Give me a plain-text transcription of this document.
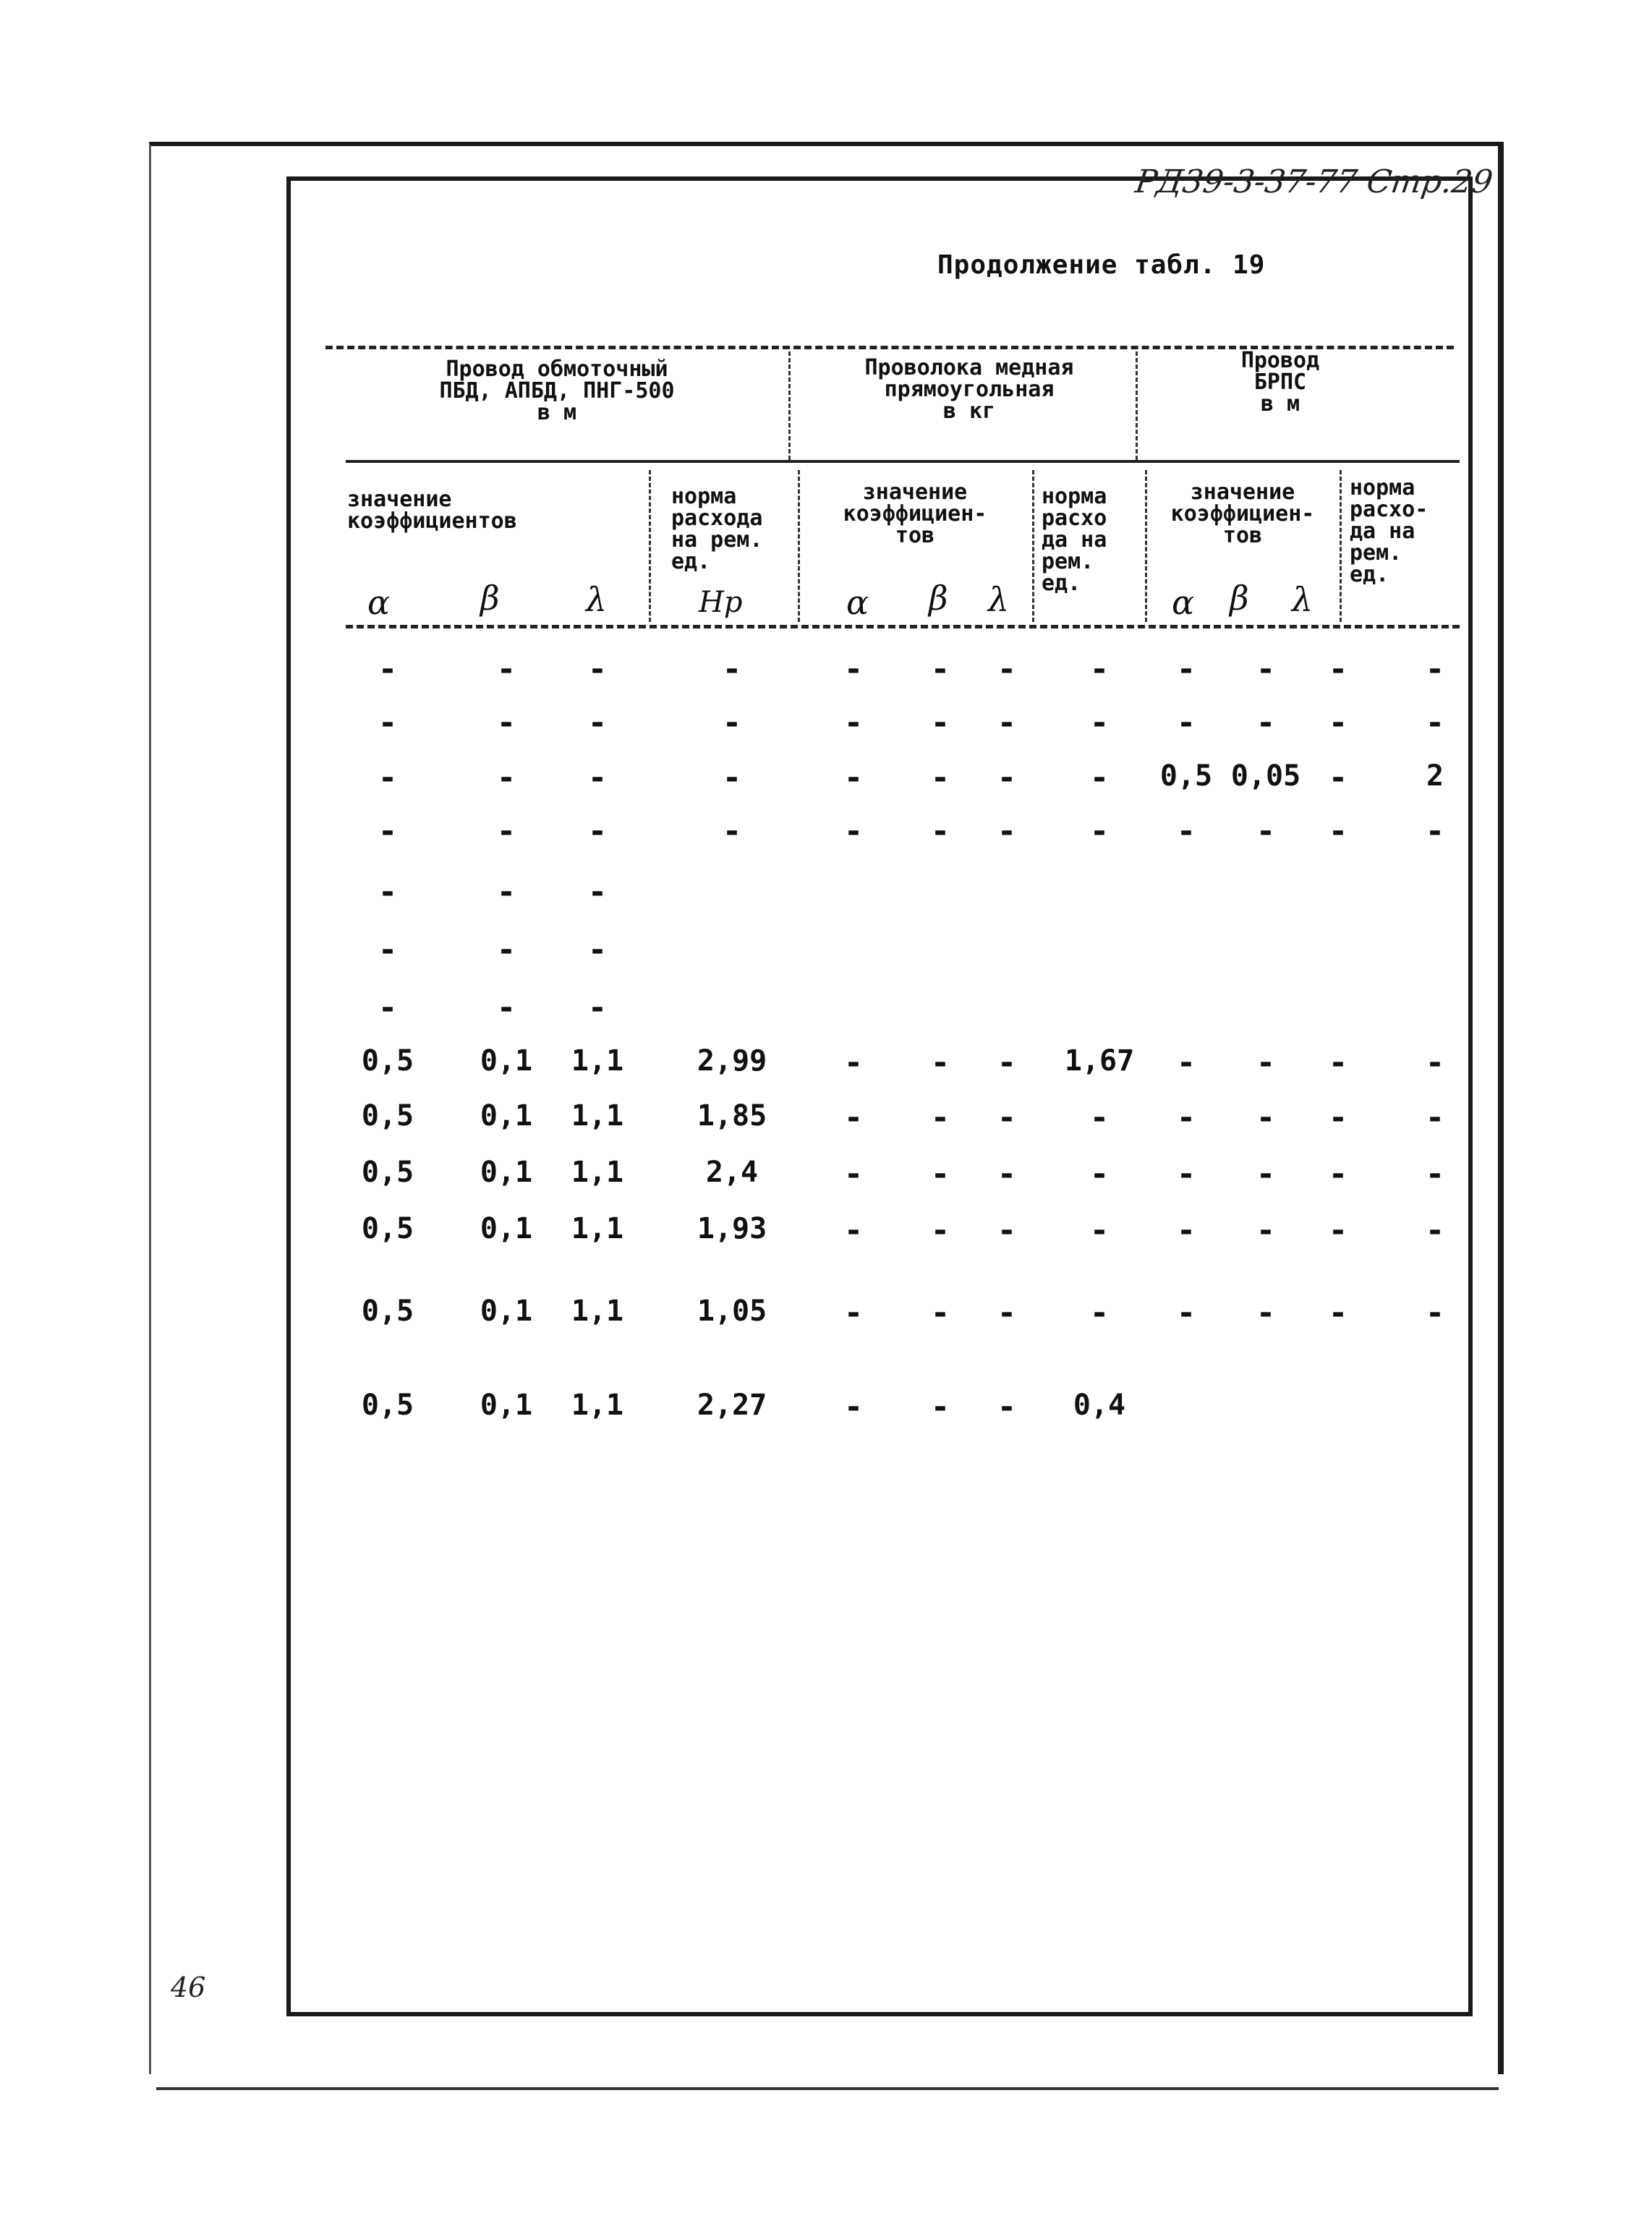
РД39-3-37-77 Стр.29
Продолжение табл. 19
46
Провод обмоточный
ПБД, АПБД, ПНГ-500
в м
Проволока медная
прямоугольная
в кг
Провод
БРПС
в м
значение
коэффициентов
норма
расхода
на рем.
ед.
значение
коэффициен-
тов
норма
расхо
да на
рем.
ед.
значение
коэффициен-
тов
норма
расхо-
да на
рем.
ед.
α	β	λ	Hр	α β λ	α β λ
-	-	-	-	-	-	-	-	-	-	-	-
-	-	-	-	-	-	-	-	-	-	-	-
-	-	-	-	-	-	-	-	0,5 0,05 -	2
-	-	-	-	-	-	-	-	-	-	-	-
-	-	-
-	-	-
-	-	-
0,5	0,1	1,1	2,99	-	-	-	1,67	-	-	-	-
0,5	0,1	1,1	1,85	-	-	-	-	-	-	-	-
0,5	0,1	1,1	2,4	-	-	-	-	-	-	-	-
0,5	0,1	1,1	1,93	-	-	-	-	-	-	-	-
0,5	0,1	1,1	1,05	-	-	-	-	-	-	-	-
0,5	0,1	1,1	2,27	-	-	-	0,4
